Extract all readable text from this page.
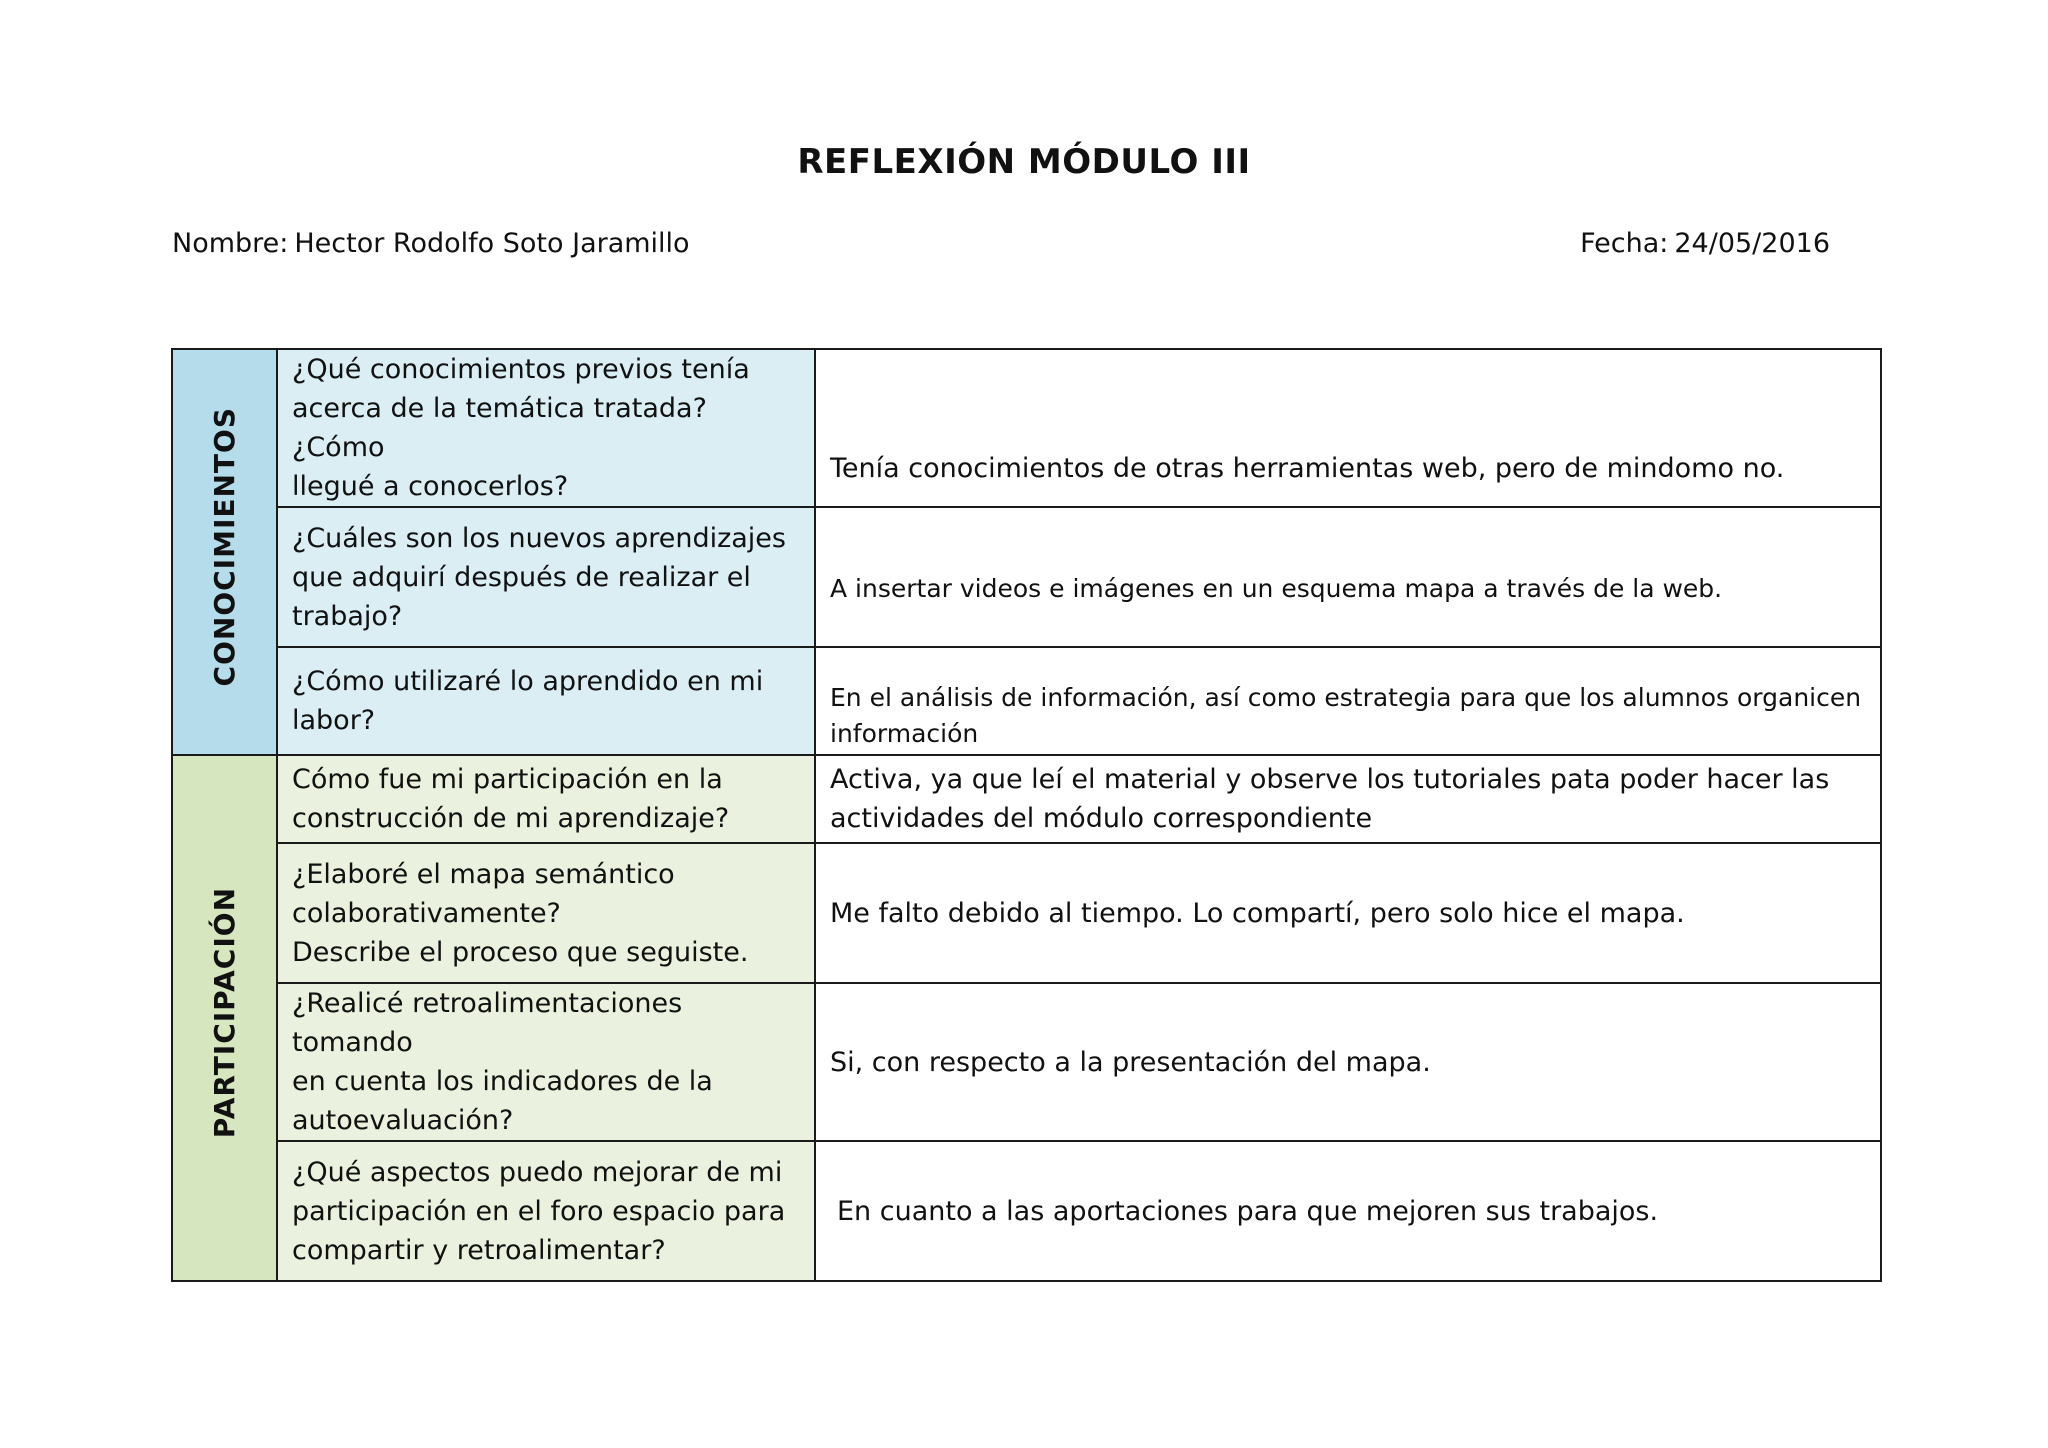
REFLEXIÓN MÓDULO III
Nombre: Hector Rodolfo Soto Jaramillo	Fecha: 24/05/2016
CONOCIMIENTOS	¿Qué conocimientos previos tenía
acerca de la temática tratada? ¿Cómo
llegué a conocerlos?	Tenía conocimientos de otras herramientas web, pero de mindomo no.

	¿Cuáles son los nuevos aprendizajes
que adquirí después de realizar el
trabajo?	A insertar videos e imágenes en un esquema mapa a través de la web.

	¿Cómo utilizaré lo aprendido en mi
labor?	En el análisis de información, así como estrategia para que los alumnos organicen información

PARTICIPACIÓN	Cómo fue mi participación en la
construcción de mi aprendizaje?	Activa, ya que leí el material y observe los tutoriales pata poder hacer las actividades del módulo correspondiente

	¿Elaboré el mapa semántico
colaborativamente?
Describe el proceso que seguiste.	Me falto debido al tiempo. Lo compartí, pero solo hice el mapa.

	¿Realicé retroalimentaciones tomando
en cuenta los indicadores de la
autoevaluación?	Si, con respecto a la presentación del mapa.

	¿Qué aspectos puedo mejorar de mi
participación en el foro espacio para
compartir y retroalimentar?	En cuanto a las aportaciones para que mejoren sus trabajos.
